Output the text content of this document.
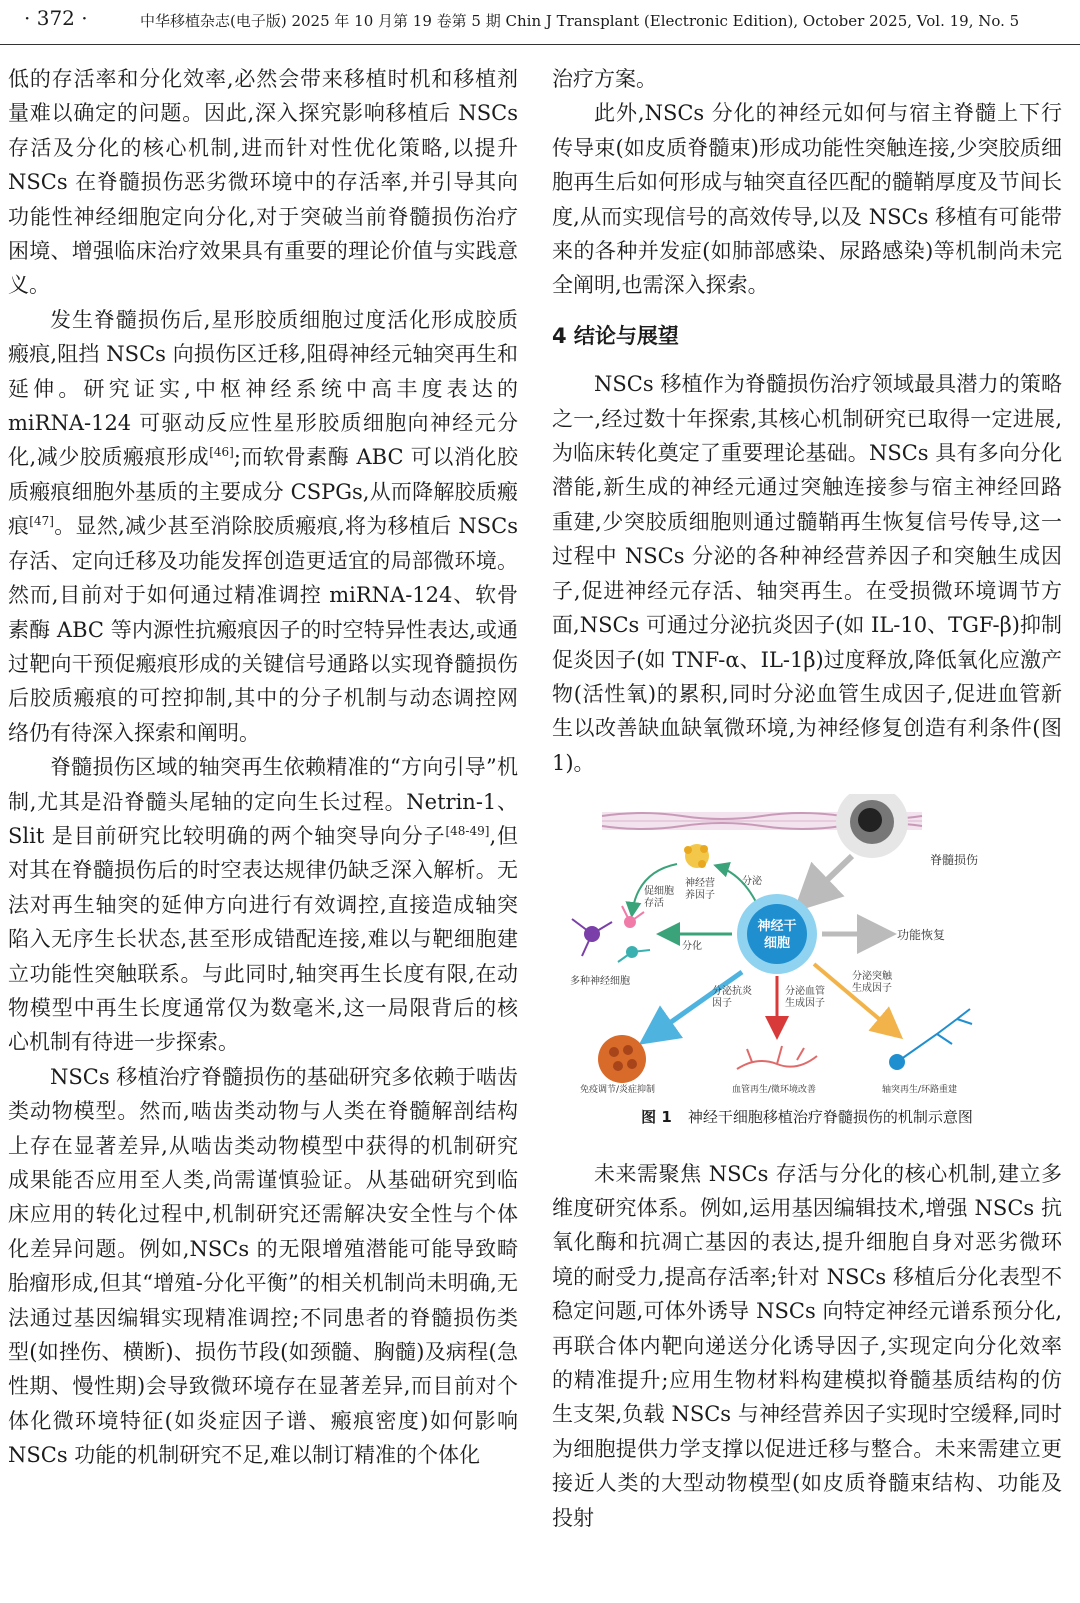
· 372 ·	中华移植杂志(电子版) 2025 年 10 月第 19 卷第 5 期 Chin J Transplant (Electronic Edition), October 2025, Vol. 19, No. 5

低的存活率和分化效率,必然会带来移植时机和移植剂量难以确定的问题。因此,深入探究影响移植后 NSCs 存活及分化的核心机制,进而针对性优化策略,以提升 NSCs 在脊髓损伤恶劣微环境中的存活率,并引导其向功能性神经细胞定向分化,对于突破当前脊髓损伤治疗困境、增强临床治疗效果具有重要的理论价值与实践意义。

发生脊髓损伤后,星形胶质细胞过度活化形成胶质瘢痕,阻挡 NSCs 向损伤区迁移,阻碍神经元轴突再生和延伸。研究证实,中枢神经系统中高丰度表达的 miRNA-124 可驱动反应性星形胶质细胞向神经元分化,减少胶质瘢痕形成[46];而软骨素酶 ABC 可以消化胶质瘢痕细胞外基质的主要成分 CSPGs,从而降解胶质瘢痕[47]。显然,减少甚至消除胶质瘢痕,将为移植后 NSCs 存活、定向迁移及功能发挥创造更适宜的局部微环境。然而,目前对于如何通过精准调控 miRNA-124、软骨素酶 ABC 等内源性抗瘢痕因子的时空特异性表达,或通过靶向干预促瘢痕形成的关键信号通路以实现脊髓损伤后胶质瘢痕的可控抑制,其中的分子机制与动态调控网络仍有待深入探索和阐明。

脊髓损伤区域的轴突再生依赖精准的“方向引导”机制,尤其是沿脊髓头尾轴的定向生长过程。Netrin-1、Slit 是目前研究比较明确的两个轴突导向分子[48-49],但对其在脊髓损伤后的时空表达规律仍缺乏深入解析。无法对再生轴突的延伸方向进行有效调控,直接造成轴突陷入无序生长状态,甚至形成错配连接,难以与靶细胞建立功能性突触联系。与此同时,轴突再生长度有限,在动物模型中再生长度通常仅为数毫米,这一局限背后的核心机制有待进一步探索。

NSCs 移植治疗脊髓损伤的基础研究多依赖于啮齿类动物模型。然而,啮齿类动物与人类在脊髓解剖结构上存在显著差异,从啮齿类动物模型中获得的机制研究成果能否应用至人类,尚需谨慎验证。从基础研究到临床应用的转化过程中,机制研究还需解决安全性与个体化差异问题。例如,NSCs 的无限增殖潜能可能导致畸胎瘤形成,但其“增殖-分化平衡”的相关机制尚未明确,无法通过基因编辑实现精准调控;不同患者的脊髓损伤类型(如挫伤、横断)、损伤节段(如颈髓、胸髓)及病程(急性期、慢性期)会导致微环境存在显著差异,而目前对个体化微环境特征(如炎症因子谱、瘢痕密度)如何影响 NSCs 功能的机制研究不足,难以制订精准的个体化

治疗方案。

此外,NSCs 分化的神经元如何与宿主脊髓上下行传导束(如皮质脊髓束)形成功能性突触连接,少突胶质细胞再生后如何形成与轴突直径匹配的髓鞘厚度及节间长度,从而实现信号的高效传导,以及 NSCs 移植有可能带来的各种并发症(如肺部感染、尿路感染)等机制尚未完全阐明,也需深入探索。

4 结论与展望

NSCs 移植作为脊髓损伤治疗领域最具潜力的策略之一,经过数十年探索,其核心机制研究已取得一定进展,为临床转化奠定了重要理论基础。NSCs 具有多向分化潜能,新生成的神经元通过突触连接参与宿主神经回路重建,少突胶质细胞则通过髓鞘再生恢复信号传导,这一过程中 NSCs 分泌的各种神经营养因子和突触生成因子,促进神经元存活、轴突再生。在受损微环境调节方面,NSCs 可通过分泌抗炎因子(如 IL-10、TGF-β)抑制促炎因子(如 TNF-α、IL-1β)过度释放,降低氧化应激产物(活性氧)的累积,同时分泌血管生成因子,促进血管新生以改善缺血缺氧微环境,为神经修复创造有利条件(图 1)。

脊髓损伤
神经营
养因子
分泌
促细胞
存活
神经干
细胞
功能恢复
分化
多种神经细胞
分泌抗炎
因子
免疫调节/炎症抑制
分泌血管
生成因子
血管再生/微环境改善
分泌突触
生成因子
轴突再生/环路重建
图 1 神经干细胞移植治疗脊髓损伤的机制示意图

未来需聚焦 NSCs 存活与分化的核心机制,建立多维度研究体系。例如,运用基因编辑技术,增强 NSCs 抗氧化酶和抗凋亡基因的表达,提升细胞自身对恶劣微环境的耐受力,提高存活率;针对 NSCs 移植后分化表型不稳定问题,可体外诱导 NSCs 向特定神经元谱系预分化,再联合体内靶向递送分化诱导因子,实现定向分化效率的精准提升;应用生物材料构建模拟脊髓基质结构的仿生支架,负载 NSCs 与神经营养因子实现时空缓释,同时为细胞提供力学支撑以促进迁移与整合。未来需建立更接近人类的大型动物模型(如皮质脊髓束结构、功能及投射
